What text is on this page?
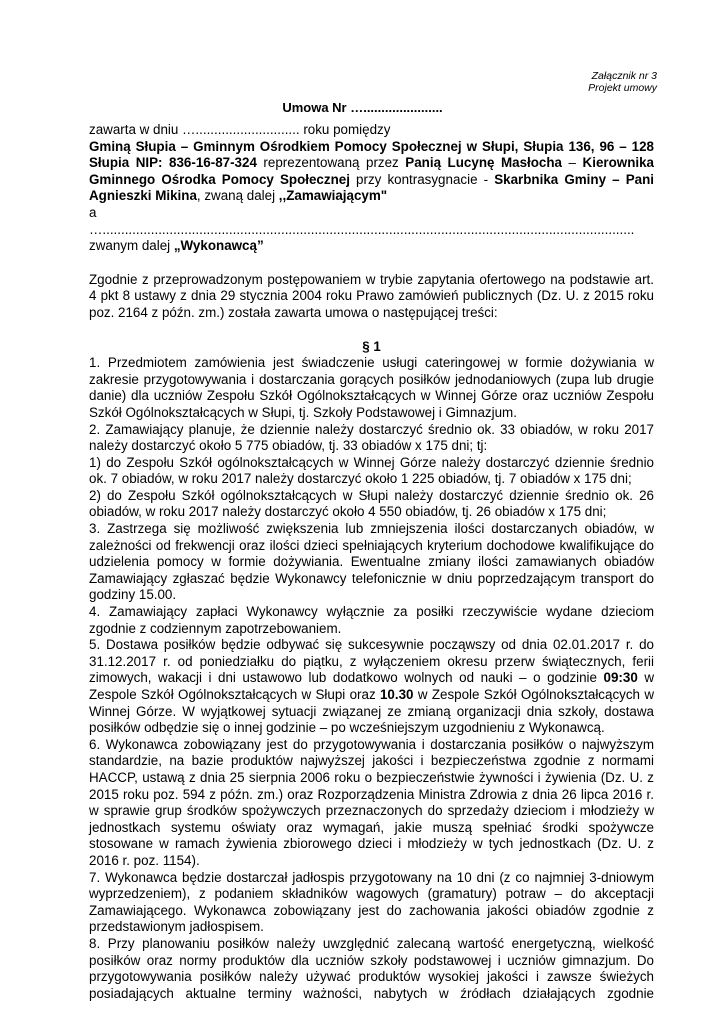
Załącznik nr 3
Projekt umowy
Umowa Nr …......................

zawarta w dniu …............................ roku pomiędzy

Gminą Słupia – Gminnym Ośrodkiem Pomocy Społecznej w Słupi, Słupia 136, 96 – 128 Słupia NIP: 836-16-87-324 reprezentowaną przez Panią Lucynę Masłocha – Kierownika Gminnego Ośrodka Pomocy Społecznej przy kontrasygnacie - Skarbnika Gminy – Pani Agnieszki Mikina, zwaną dalej ,,Zamawiającym"

a

…...............................................................................................................................................

zwanym dalej „Wykonawcą”

Zgodnie z przeprowadzonym postępowaniem w trybie zapytania ofertowego na podstawie art. 4 pkt 8 ustawy z dnia 29 stycznia 2004 roku Prawo zamówień publicznych (Dz. U. z 2015 roku poz. 2164 z późn. zm.) została zawarta umowa o następującej treści:

§ 1

1. Przedmiotem zamówienia jest świadczenie usługi cateringowej w formie dożywiania w zakresie przygotowywania i dostarczania gorących posiłków jednodaniowych (zupa lub drugie danie) dla uczniów Zespołu Szkół Ogólnokształcących w Winnej Górze oraz uczniów Zespołu Szkół Ogólnokształcących w Słupi, tj. Szkoły Podstawowej i Gimnazjum.

2. Zamawiający planuje, że dziennie należy dostarczyć średnio ok. 33 obiadów, w roku 2017 należy dostarczyć około 5 775 obiadów, tj. 33 obiadów x 175 dni; tj:

1) do Zespołu Szkół ogólnokształcących w Winnej Górze należy dostarczyć dziennie średnio ok. 7 obiadów, w roku 2017 należy dostarczyć około 1 225 obiadów, tj. 7 obiadów x 175 dni;

2) do Zespołu Szkół ogólnokształcących w Słupi należy dostarczyć dziennie średnio ok. 26 obiadów, w roku 2017 należy dostarczyć około 4 550 obiadów, tj. 26 obiadów x 175 dni;

3. Zastrzega się możliwość zwiększenia lub zmniejszenia ilości dostarczanych obiadów, w zależności od frekwencji oraz ilości dzieci spełniających kryterium dochodowe kwalifikujące do udzielenia pomocy w formie dożywiania. Ewentualne zmiany ilości zamawianych obiadów Zamawiający zgłaszać będzie Wykonawcy telefonicznie w dniu poprzedzającym transport do godziny 15.00.

4. Zamawiający zapłaci Wykonawcy wyłącznie za posiłki rzeczywiście wydane dzieciom zgodnie z codziennym zapotrzebowaniem.

5. Dostawa posiłków będzie odbywać się sukcesywnie począwszy od dnia 02.01.2017 r. do 31.12.2017 r. od poniedziałku do piątku, z wyłączeniem okresu przerw świątecznych, ferii zimowych, wakacji i dni ustawowo lub dodatkowo wolnych od nauki – o godzinie 09:30 w Zespole Szkół Ogólnokształcących w Słupi oraz 10.30 w Zespole Szkół Ogólnokształcących w Winnej Górze. W wyjątkowej sytuacji związanej ze zmianą organizacji dnia szkoły, dostawa posiłków odbędzie się o innej godzinie – po wcześniejszym uzgodnieniu z Wykonawcą.

6. Wykonawca zobowiązany jest do przygotowywania i dostarczania posiłków o najwyższym standardzie, na bazie produktów najwyższej jakości i bezpieczeństwa zgodnie z normami HACCP, ustawą z dnia 25 sierpnia 2006 roku o bezpieczeństwie żywności i żywienia (Dz. U. z 2015 roku poz. 594 z późn. zm.) oraz Rozporządzenia Ministra Zdrowia z dnia 26 lipca 2016 r. w sprawie grup środków spożywczych przeznaczonych do sprzedaży dzieciom i młodzieży w jednostkach systemu oświaty oraz wymagań, jakie muszą spełniać środki spożywcze stosowane w ramach żywienia zbiorowego dzieci i młodzieży w tych jednostkach (Dz. U. z 2016 r. poz. 1154).

7. Wykonawca będzie dostarczał jadłospis przygotowany na 10 dni (z co najmniej 3-dniowym wyprzedzeniem), z podaniem składników wagowych (gramatury) potraw – do akceptacji Zamawiającego. Wykonawca zobowiązany jest do zachowania jakości obiadów zgodnie z przedstawionym jadłospisem.

8. Przy planowaniu posiłków należy uwzględnić zalecaną wartość energetyczną, wielkość posiłków oraz normy produktów dla uczniów szkoły podstawowej i uczniów gimnazjum. Do przygotowywania posiłków należy używać produktów wysokiej jakości i zawsze świeżych posiadających aktualne terminy ważności, nabytych w źródłach działających zgodnie
